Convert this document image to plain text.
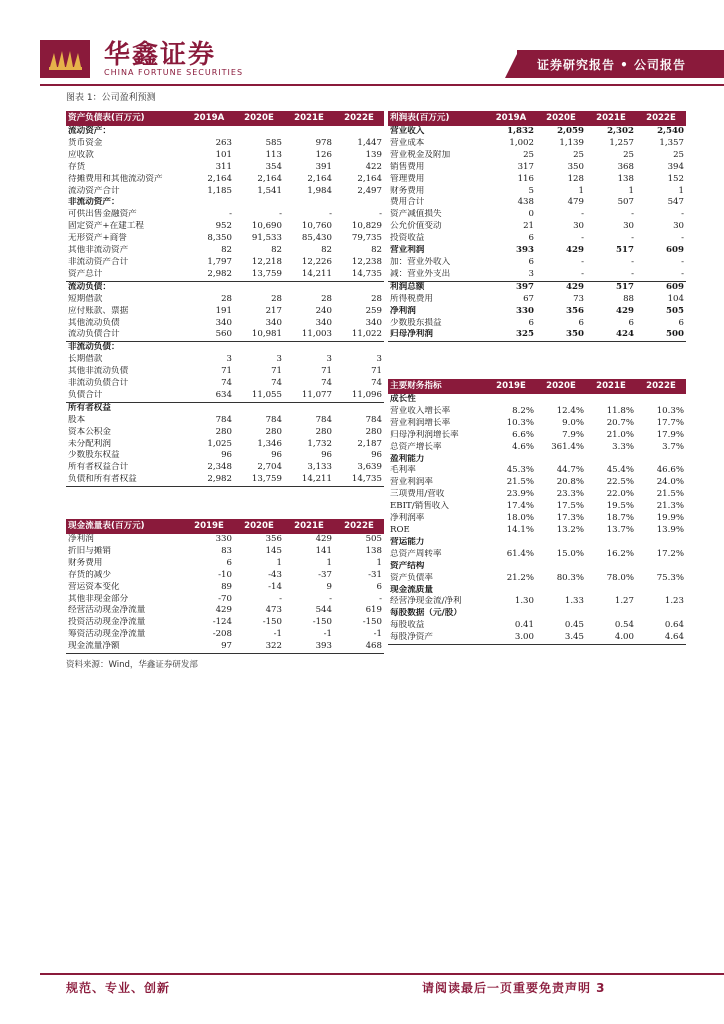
华鑫证券
CHINA FORTUNE SECURITIES
证券研究报告 • 公司报告
图表 1：公司盈利预测
资产负债表(百万元)	2019A	2020E	2021E	2022E
流动资产：				
货币资金	263	585	978	1,447
应收款	101	113	126	139
存货	311	354	391	422
待摊费用和其他流动资产	2,164	2,164	2,164	2,164
流动资产合计	1,185	1,541	1,984	2,497
非流动资产：				
可供出售金融资产	-	-	-	-
固定资产+在建工程	952	10,690	10,760	10,829
无形资产+商誉	8,350	91,533	85,430	79,735
其他非流动资产	82	82	82	82
非流动资产合计	1,797	12,218	12,226	12,238
资产总计	2,982	13,759	14,211	14,735
流动负债：				
短期借款	28	28	28	28
应付账款、票据	191	217	240	259
其他流动负债	340	340	340	340
流动负债合计	560	10,981	11,003	11,022
非流动负债：				
长期借款	3	3	3	3
其他非流动负债	71	71	71	71
非流动负债合计	74	74	74	74
负债合计	634	11,055	11,077	11,096
所有者权益				
股本	784	784	784	784
资本公积金	280	280	280	280
未分配利润	1,025	1,346	1,732	2,187
少数股东权益	96	96	96	96
所有者权益合计	2,348	2,704	3,133	3,639
负债和所有者权益	2,982	13,759	14,211	14,735
利润表(百万元)	2019A	2020E	2021E	2022E
营业收入	1,832	2,059	2,302	2,540
营业成本	1,002	1,139	1,257	1,357
营业税金及附加	25	25	25	25
销售费用	317	350	368	394
管理费用	116	128	138	152
财务费用	5	1	1	1
费用合计	438	479	507	547
资产减值损失	0	-	-	-
公允价值变动	21	30	30	30
投资收益	6	-	-	-
营业利润	393	429	517	609
加：营业外收入	6	-	-	-
减：营业外支出	3	-	-	-
利润总额	397	429	517	609
所得税费用	67	73	88	104
净利润	330	356	429	505
少数股东损益	6	6	6	6
归母净利润	325	350	424	500
主要财务指标	2019E	2020E	2021E	2022E
成长性				
营业收入增长率	8.2%	12.4%	11.8%	10.3%
营业利润增长率	10.3%	9.0%	20.7%	17.7%
归母净利润增长率	6.6%	7.9%	21.0%	17.9%
总资产增长率	4.6%	361.4%	3.3%	3.7%
盈利能力				
毛利率	45.3%	44.7%	45.4%	46.6%
营业利润率	21.5%	20.8%	22.5%	24.0%
三项费用/营收	23.9%	23.3%	22.0%	21.5%
EBIT/销售收入	17.4%	17.5%	19.5%	21.3%
净利润率	18.0%	17.3%	18.7%	19.9%
ROE	14.1%	13.2%	13.7%	13.9%
营运能力				
总资产周转率	61.4%	15.0%	16.2%	17.2%
资产结构				
资产负债率	21.2%	80.3%	78.0%	75.3%
现金流质量				
经营净现金流/净利	1.30	1.33	1.27	1.23
每股数据（元/股）				
每股收益	0.41	0.45	0.54	0.64
每股净资产	3.00	3.45	4.00	4.64
现金流量表(百万元)	2019E	2020E	2021E	2022E
净利润	330	356	429	505
折旧与摊销	83	145	141	138
财务费用	6	1	1	1
存货的减少	-10	-43	-37	-31
营运资本变化	89	-14	9	6
其他非现金部分	-70	-	-	-
经营活动现金净流量	429	473	544	619
投资活动现金净流量	-124	-150	-150	-150
筹资活动现金净流量	-208	-1	-1	-1
现金流量净额	97	322	393	468
资料来源：Wind，华鑫证券研发部
规范、专业、创新	请阅读最后一页重要免责声明 3
